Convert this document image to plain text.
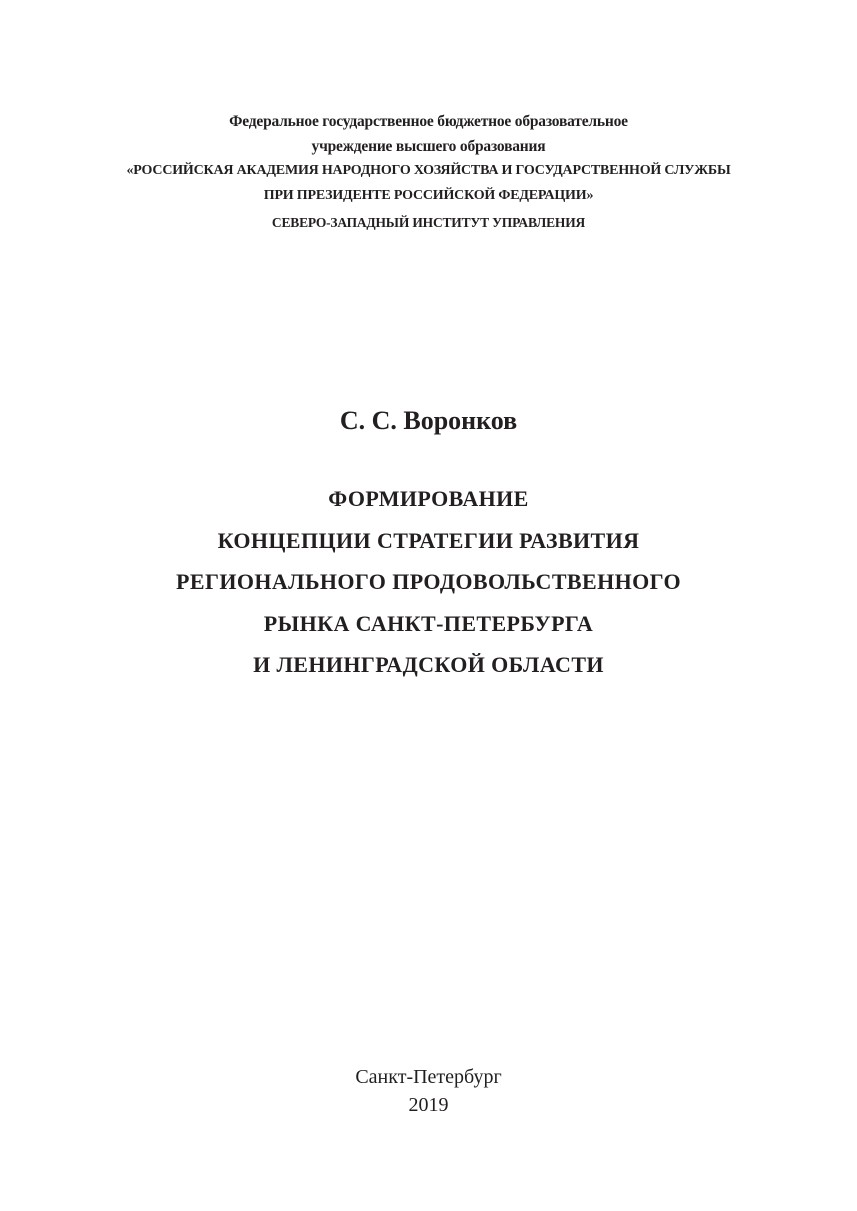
Федеральное государственное бюджетное образовательное
учреждение высшего образования
«РОССИЙСКАЯ АКАДЕМИЯ НАРОДНОГО ХОЗЯЙСТВА И ГОСУДАРСТВЕННОЙ СЛУЖБЫ
ПРИ ПРЕЗИДЕНТЕ РОССИЙСКОЙ ФЕДЕРАЦИИ»
СЕВЕРО-ЗАПАДНЫЙ ИНСТИТУТ УПРАВЛЕНИЯ
С. С. Воронков
ФОРМИРОВАНИЕ
КОНЦЕПЦИИ СТРАТЕГИИ РАЗВИТИЯ
РЕГИОНАЛЬНОГО ПРОДОВОЛЬСТВЕННОГО
РЫНКА САНКТ-ПЕТЕРБУРГА
И ЛЕНИНГРАДСКОЙ ОБЛАСТИ
Санкт-Петербург
2019
